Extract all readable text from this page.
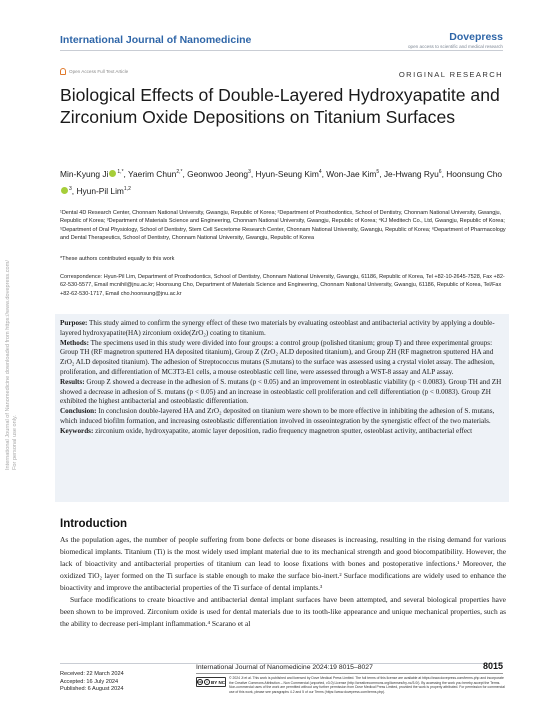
International Journal of Nanomedicine	Dovepress
open access to scientific and medical research
Open Access Full Text Article	ORIGINAL RESEARCH
Biological Effects of Double-Layered Hydroxyapatite and Zirconium Oxide Depositions on Titanium Surfaces
Min-Kyung Ji $^{1,*}$, Yaerim Chun$^{2,*}$, Geonwoo Jeong$^3$, Hyun-Seung Kim$^4$, Won-Jae Kim$^5$, Je-Hwang Ryu$^6$, Hoonsung Cho$^3$, Hyun-Pil Lim$^{1,2}$
¹Dental 4D Research Center, Chonnam National University, Gwangju, Republic of Korea; ²Department of Prosthodontics, School of Dentistry, Chonnam National University, Gwangju, Republic of Korea; ³Department of Materials Science and Engineering, Chonnam National University, Gwangju, Republic of Korea; ⁴KJ Meditech Co., Ltd, Gwangju, Republic of Korea; ⁵Department of Oral Physiology, School of Dentistry, Stem Cell Secretome Research Center, Chonnam National University, Gwangju, Republic of Korea; ⁶Department of Pharmacology and Dental Therapeutics, School of Dentistry, Chonnam National University, Gwangju, Republic of Korea
*These authors contributed equally to this work
Correspondence: Hyun-Pil Lim, Department of Prosthodontics, School of Dentistry, Chonnam National University, Gwangju, 61186, Republic of Korea, Tel +82-10-2645-7528, Fax +82-62-530-5577, Email mcnihil@jnu.ac.kr; Hoonsung Cho, Department of Materials Science and Engineering, Chonnam National University, Gwangju, 61186, Republic of Korea, Tel/Fax +82-62-530-1717, Email cho.hoonsung@jnu.ac.kr

Purpose: This study aimed to confirm the synergy effect of these two materials by evaluating osteoblast and antibacterial activity by applying a double-layered hydroxyapatite(HA) zirconium oxide(ZrO₂) coating to titanium.

Methods: The specimens used in this study were divided into four groups: a control group (polished titanium; group T) and three experimental groups: Group TH (RF magnetron sputtered HA deposited titanium), Group Z (ZrO₂ ALD deposited titanium), and Group ZH (RF magnetron sputtered HA and ZrO₂ ALD deposited titanium). The adhesion of Streptococcus mutans (S.mutans) to the surface was assessed using a crystal violet assay. The adhesion, proliferation, and differentiation of MC3T3-E1 cells, a mouse osteoblastic cell line, were assessed through a WST-8 assay and ALP assay.

Results: Group Z showed a decrease in the adhesion of S. mutans (p < 0.05) and an improvement in osteoblastic viability (p < 0.0083). Group TH and ZH showed a decrease in adhesion of S. mutans (p < 0.05) and an increase in osteoblastic cell proliferation and cell differentiation (p < 0.0083). Group ZH exhibited the highest antibacterial and osteoblastic differentiation.

Conclusion: In conclusion double-layered HA and ZrO₂ deposited on titanium were shown to be more effective in inhibiting the adhesion of S. mutans, which induced biofilm formation, and increasing osteoblastic differentiation involved in osseointegration by the synergistic effect of the two materials.

Keywords: zirconium oxide, hydroxyapatite, atomic layer deposition, radio frequency magnetron sputter, osteoblast activity, antibacterial effect

Introduction

As the population ages, the number of people suffering from bone defects or bone diseases is increasing, resulting in the rising demand for various biomedical implants. Titanium (Ti) is the most widely used implant material due to its mechanical strength and good biocompatibility. However, the lack of bioactivity and antibacterial properties of titanium can lead to loose fixations with bones and postoperative infections.¹ Moreover, the oxidized TiO₂ layer formed on the Ti surface is stable enough to make the surface bio-inert.² Surface modifications are widely used to enhance the bioactivity and improve the antibacterial properties of the Ti surface of dental implants.³

Surface modifications to create bioactive and antibacterial dental implant surfaces have been attempted, and several biological properties have been shown to be improved. Zirconium oxide is used for dental materials due to its tooth-like appearance and unique mechanical properties, such as the ability to decrease peri-implant inflammation.⁴ Scarano et al

Received: 22 March 2024
Accepted: 16 July 2024
Published: 6 August 2024
International Journal of Nanomedicine 2024:19 8015–8027	8015
cc	i BY NC
© 2024 Ji et al. This work is published and licensed by Dove Medical Press Limited. The full terms of this license are available at https://www.dovepress.com/terms.php and incorporate the Creative Commons Attribution – Non Commercial (unported, v3.0) License (http://creativecommons.org/licenses/by-nc/3.0/). By accessing the work you hereby accept the Terms. Non-commercial uses of the work are permitted without any further permission from Dove Medical Press Limited, provided the work is properly attributed. For permission for commercial use of this work, please see paragraphs 4.2 and 5 of our Terms (https://www.dovepress.com/terms.php).
International Journal of Nanomedicine downloaded from https://www.dovepress.com/ For personal use only.
